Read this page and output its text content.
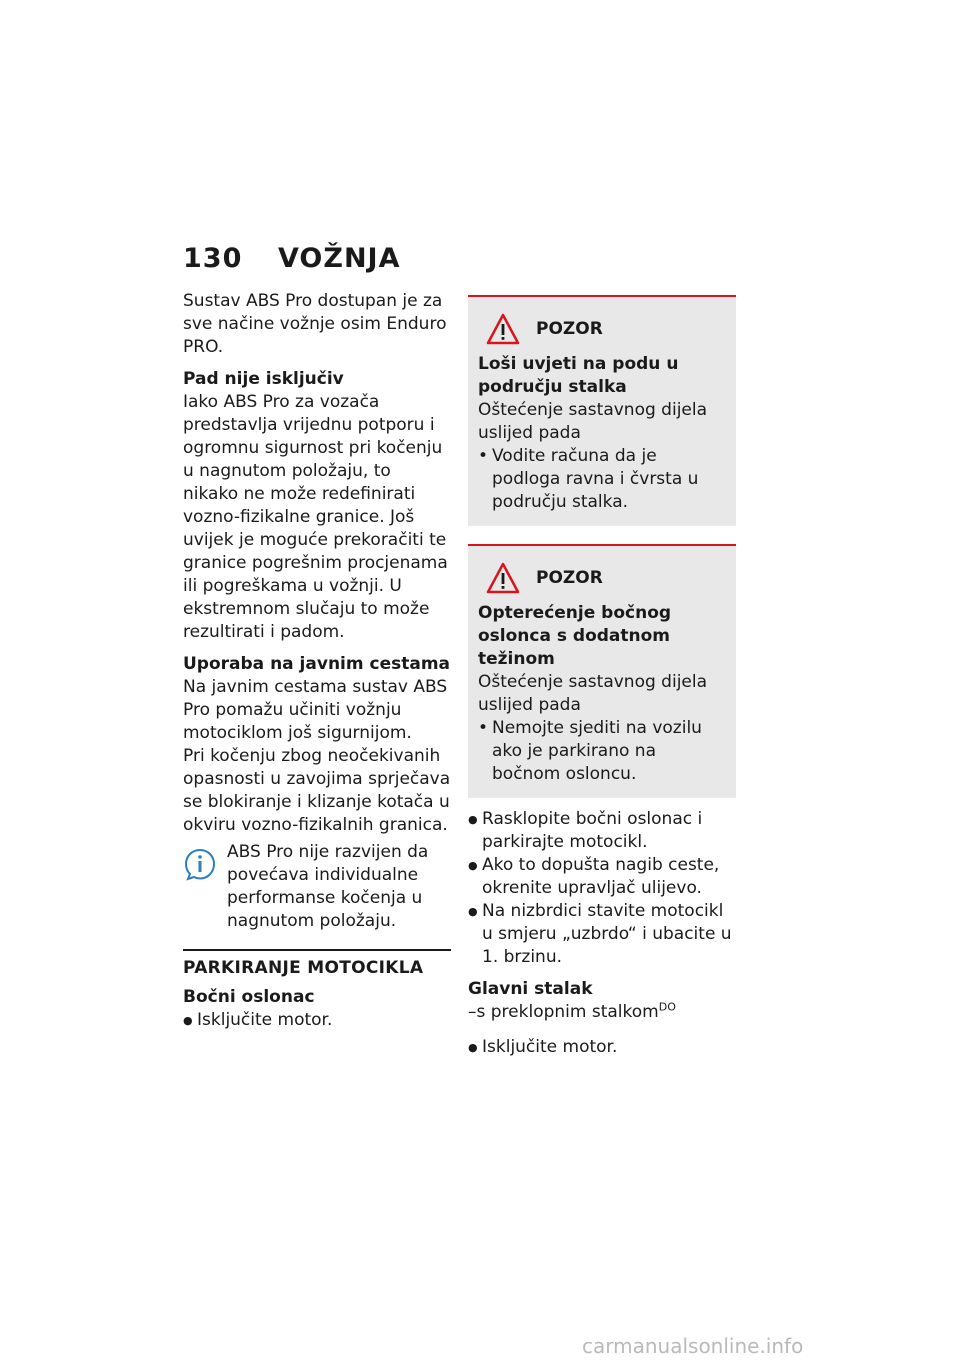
130 VOŽNJA

Sustav ABS Pro dostupan je za sve načine vožnje osim Enduro PRO.

Pad nije isključiv

Iako ABS Pro za vozača predstavlja vrijednu potporu i ogromnu sigurnost pri kočenju u nagnutom položaju, to nikako ne može redefinirati vozno-fizikalne granice. Još uvijek je moguće prekoračiti te granice pogrešnim procjenama ili pogreškama u vožnji. U ekstremnom slučaju to može rezultirati i padom.

Uporaba na javnim cestama

Na javnim cestama sustav ABS Pro pomažu učiniti vožnju motociklom još sigurnijom.

Pri kočenju zbog neočekivanih opasnosti u zavojima sprječava se blokiranje i klizanje kotača u okviru vozno-fizikalnih granica.

ABS Pro nije razvijen da povećava individualne performanse kočenja u nagnutom položaju.

PARKIRANJE MOTOCIKLA

Bočni oslonac

● Isključite motor.
POZOR

Loši uvjeti na podu u području stalka

Oštećenje sastavnog dijela uslijed pada

• Vodite računa da je podloga ravna i čvrsta u području stalka.
POZOR

Opterećenje bočnog oslonca s dodatnom težinom

Oštećenje sastavnog dijela uslijed pada

• Nemojte sjediti na vozilu ako je parkirano na bočnom osloncu.
● Rasklopite bočni oslonac i parkirajte motocikl.
● Ako to dopušta nagib ceste, okrenite upravljač ulijevo.
● Na nizbrdici stavite motocikl u smjeru „uzbrdo“ i ubacite u 1. brzinu.

Glavni stalak

–s preklopnim stalkom$^{DO}$

● Isključite motor.
carmanualsonline.info
